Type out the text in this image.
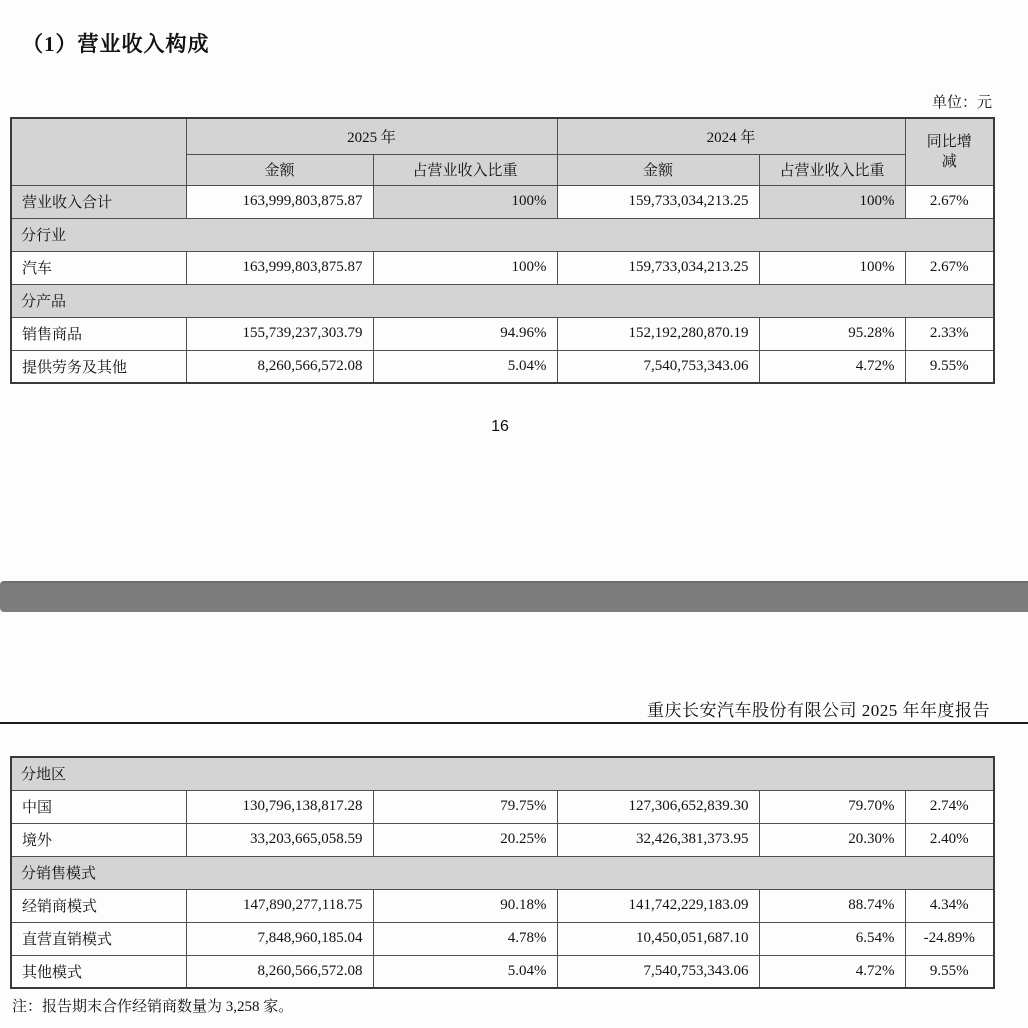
（1）营业收入构成
单位：元
	2025 年		2024 年		同比增减
	金额	占营业收入比重	金额	占营业收入比重	
营业收入合计	163,999,803,875.87	100%	159,733,034,213.25	100%	2.67%
分行业					
汽车	163,999,803,875.87	100%	159,733,034,213.25	100%	2.67%
分产品					
销售商品	155,739,237,303.79	94.96%	152,192,280,870.19	95.28%	2.33%
提供劳务及其他	8,260,566,572.08	5.04%	7,540,753,343.06	4.72%	9.55%
16
重庆长安汽车股份有限公司 2025 年年度报告
分地区					
中国	130,796,138,817.28	79.75%	127,306,652,839.30	79.70%	2.74%
境外	33,203,665,058.59	20.25%	32,426,381,373.95	20.30%	2.40%
分销售模式					
经销商模式	147,890,277,118.75	90.18%	141,742,229,183.09	88.74%	4.34%
直营直销模式	7,848,960,185.04	4.78%	10,450,051,687.10	6.54%	-24.89%
其他模式	8,260,566,572.08	5.04%	7,540,753,343.06	4.72%	9.55%
注：报告期末合作经销商数量为 3,258 家。
